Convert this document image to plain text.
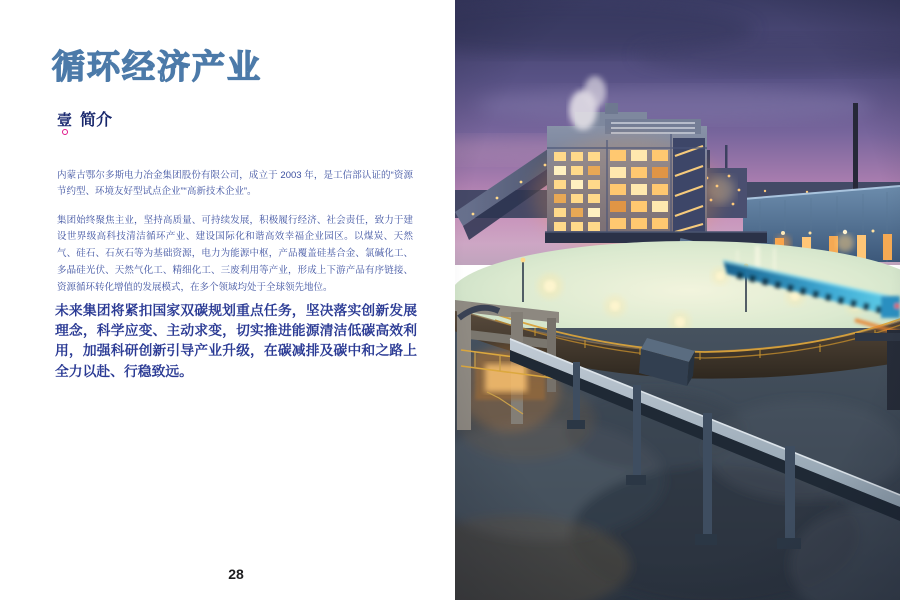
循环经济产业
壹 简介

内蒙古鄂尔多斯电力冶金集团股份有限公司，成立于 2003 年，是工信部认证的“资源节约型、环境友好型试点企业”“高新技术企业”。

集团始终聚焦主业，坚持高质量、可持续发展，积极履行经济、社会责任，致力于建设世界级高科技清洁循环产业、建设国际化和谐高效幸福企业园区。以煤炭、天然气、硅石、石灰石等为基础资源，电力为能源中枢，产品覆盖硅基合金、氯碱化工、多晶硅光伏、天然气化工、精细化工、三废利用等产业，形成上下游产品有序链接、资源循环转化增值的发展模式，在多个领域均处于全球领先地位。

未来集团将紧扣国家双碳规划重点任务，坚决落实创新发展理念，科学应变、主动求变，切实推进能源清洁低碳高效利用，加强科研创新引导产业升级，在碳减排及碳中和之路上全力以赴、行稳致远。

28
